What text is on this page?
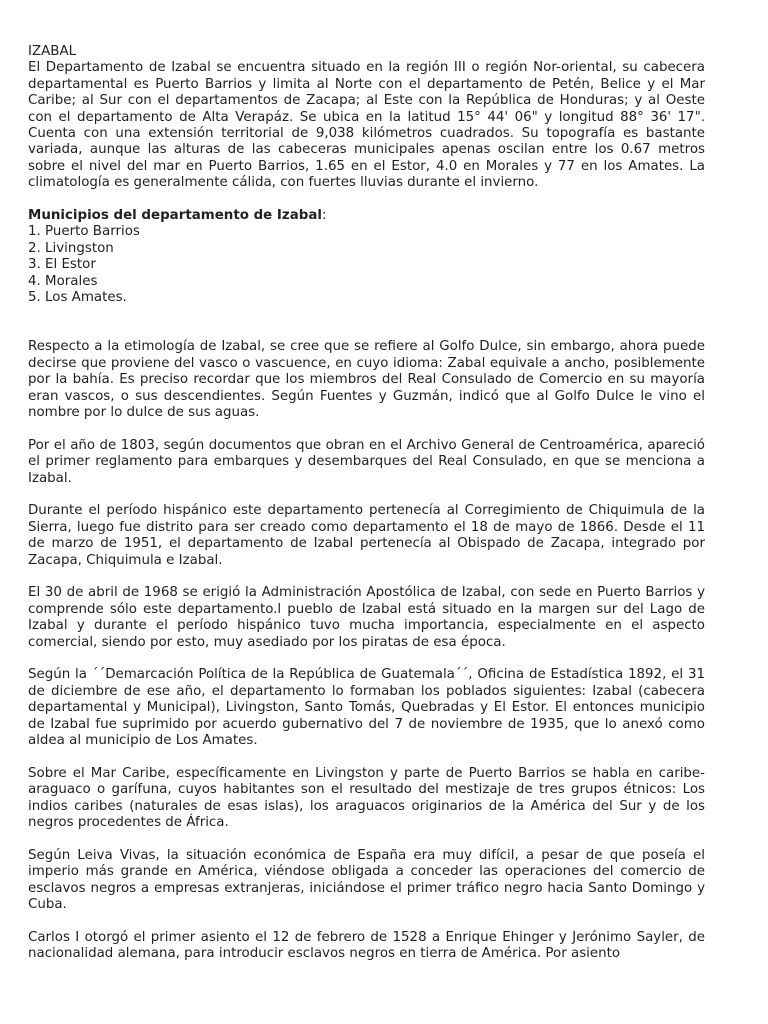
IZABAL

El Departamento de Izabal se encuentra situado en la región III o región Nor-oriental, su cabecera departamental es Puerto Barrios y limita al Norte con el departamento de Petén, Belice y el Mar Caribe; al Sur con el departamentos de Zacapa; al Este con la República de Honduras; y al Oeste con el departamento de Alta Verapáz. Se ubica en la latitud 15° 44' 06" y longitud 88° 36' 17". Cuenta con una extensión territorial de 9,038 kilómetros cuadrados. Su topografía es bastante variada, aunque las alturas de las cabeceras municipales apenas oscilan entre los 0.67 metros sobre el nivel del mar en Puerto Barrios, 1.65 en el Estor, 4.0 en Morales y 77 en los Amates. La climatología es generalmente cálida, con fuertes lluvias durante el invierno.

Municipios del departamento de Izabal:

1. Puerto Barrios
2. Livingston
3. El Estor
4. Morales
5. Los Amates.

Respecto a la etimología de Izabal, se cree que se refiere al Golfo Dulce, sin embargo, ahora puede decirse que proviene del vasco o vascuence, en cuyo idioma: Zabal equivale a ancho, posiblemente por la bahía. Es preciso recordar que los miembros del Real Consulado de Comercio en su mayoría eran vascos, o sus descendientes. Según Fuentes y Guzmán, indicó que al Golfo Dulce le vino el nombre por lo dulce de sus aguas.

Por el año de 1803, según documentos que obran en el Archivo General de Centroamérica, apareció el primer reglamento para embarques y desembarques del Real Consulado, en que se menciona a Izabal.

Durante el período hispánico este departamento pertenecía al Corregimiento de Chiquimula de la Sierra, luego fue distrito para ser creado como departamento el 18 de mayo de 1866. Desde el 11 de marzo de 1951, el departamento de Izabal pertenecía al Obispado de Zacapa, integrado por Zacapa, Chiquimula e Izabal.

El 30 de abril de 1968 se erigió la Administración Apostólica de Izabal, con sede en Puerto Barrios y comprende sólo este departamento.l pueblo de Izabal está situado en la margen sur del Lago de Izabal y durante el período hispánico tuvo mucha importancia, especialmente en el aspecto comercial, siendo por esto, muy asediado por los piratas de esa época.

Según la ´´Demarcación Política de la República de Guatemala´´, Oficina de Estadística 1892, el 31 de diciembre de ese año, el departamento lo formaban los poblados siguientes: Izabal (cabecera departamental y Municipal), Livingston, Santo Tomás, Quebradas y El Estor. El entonces municipio de Izabal fue suprimido por acuerdo gubernativo del 7 de noviembre de 1935, que lo anexó como aldea al municipio de Los Amates.

Sobre el Mar Caribe, específicamente en Livingston y parte de Puerto Barrios se habla en caribe-araguaco o garífuna, cuyos habitantes son el resultado del mestizaje de tres grupos étnicos: Los indios caribes (naturales de esas islas), los araguacos originarios de la América del Sur y de los negros procedentes de África.

Según Leiva Vivas, la situación económica de España era muy difícil, a pesar de que poseía el imperio más grande en América, viéndose obligada a conceder las operaciones del comercio de esclavos negros a empresas extranjeras, iniciándose el primer tráfico negro hacia Santo Domingo y Cuba.

Carlos I otorgó el primer asiento el 12 de febrero de 1528 a Enrique Ehinger y Jerónimo Sayler, de nacionalidad alemana, para introducir esclavos negros en tierra de América. Por asiento
